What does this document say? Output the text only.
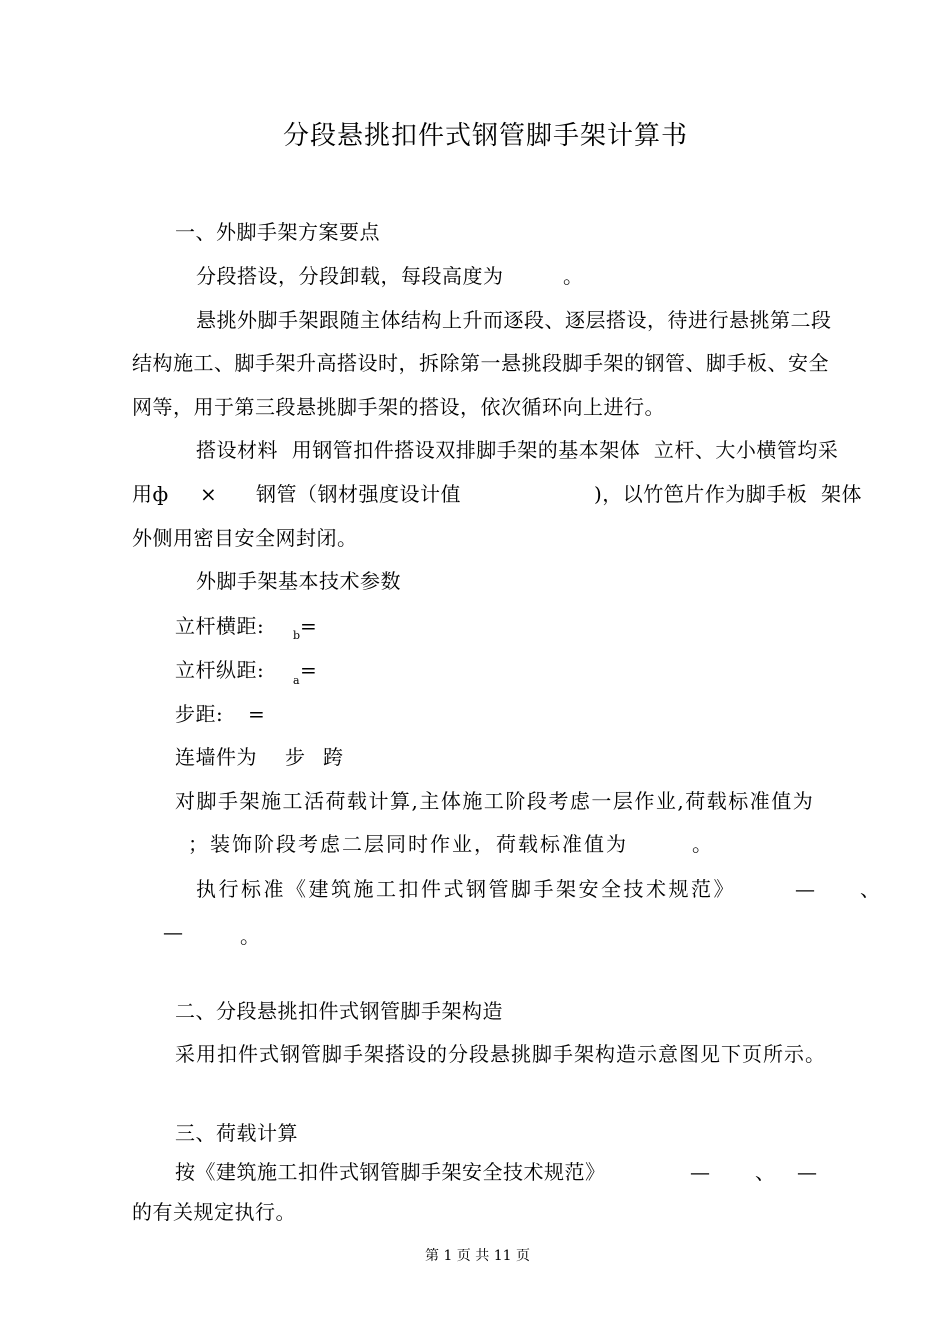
分段悬挑扣件式钢管脚手架计算书
一、外脚手架方案要点
分段搭设，分段卸载，每段高度为	。
悬挑外脚手架跟随主体结构上升而逐段、逐层搭设，待进行悬挑第二段
结构施工、脚手架升高搭设时，拆除第一悬挑段脚手架的钢管、脚手板、安全
网等，用于第三段悬挑脚手架的搭设，依次循环向上进行。
搭设材料  用钢管扣件搭设双排脚手架的基本架体  立杆、大小横管均采
用ф × 钢管（钢材强度设计值	)，以竹笆片作为脚手板  架体
外侧用密目安全网封闭。
外脚手架基本技术参数
立杆横距:	b =
立杆纵距:	a =
步距: =
连墙件为 步 跨
对脚手架施工活荷载计算,主体施工阶段考虑一层作业,荷载标准值为
；装饰阶段考虑二层同时作业，荷载标准值为	。
执行标准《建筑施工扣件式钢管脚手架安全技术规范》	— 、
—	。
二、分段悬挑扣件式钢管脚手架构造
采用扣件式钢管脚手架搭设的分段悬挑脚手架构造示意图见下页所示。
三、荷载计算
按《建筑施工扣件式钢管脚手架安全技术规范》	— 、 —
的有关规定执行。
第 1 页 共 11 页
